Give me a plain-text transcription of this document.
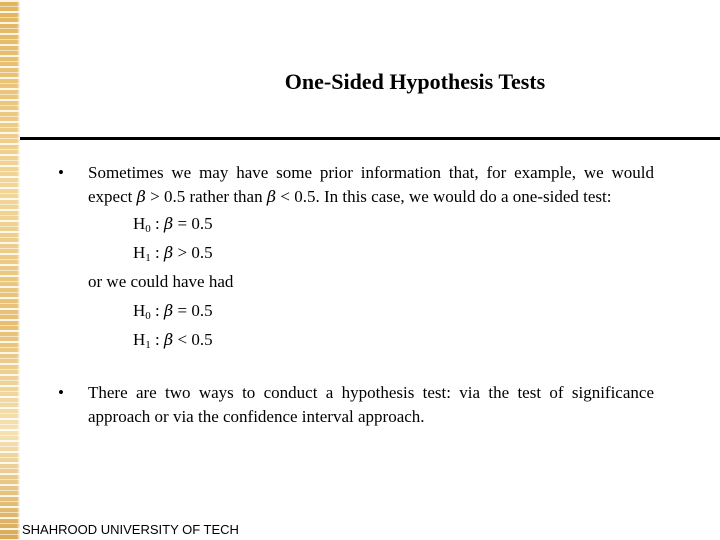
One-Sided Hypothesis Tests
•	Sometimes we may have some prior information that, for example, we would expect β > 0.5 rather than β < 0.5. In this case, we would do a one-sided test:
$H_0$ : β = 0.5
$H_1$ : β > 0.5
or we could have had
$H_0$ : β = 0.5
$H_1$ : β < 0.5
•	There are two ways to conduct a hypothesis test: via the test of significance approach or via the confidence interval approach.
SHAHROOD UNIVERSITY OF TECH
